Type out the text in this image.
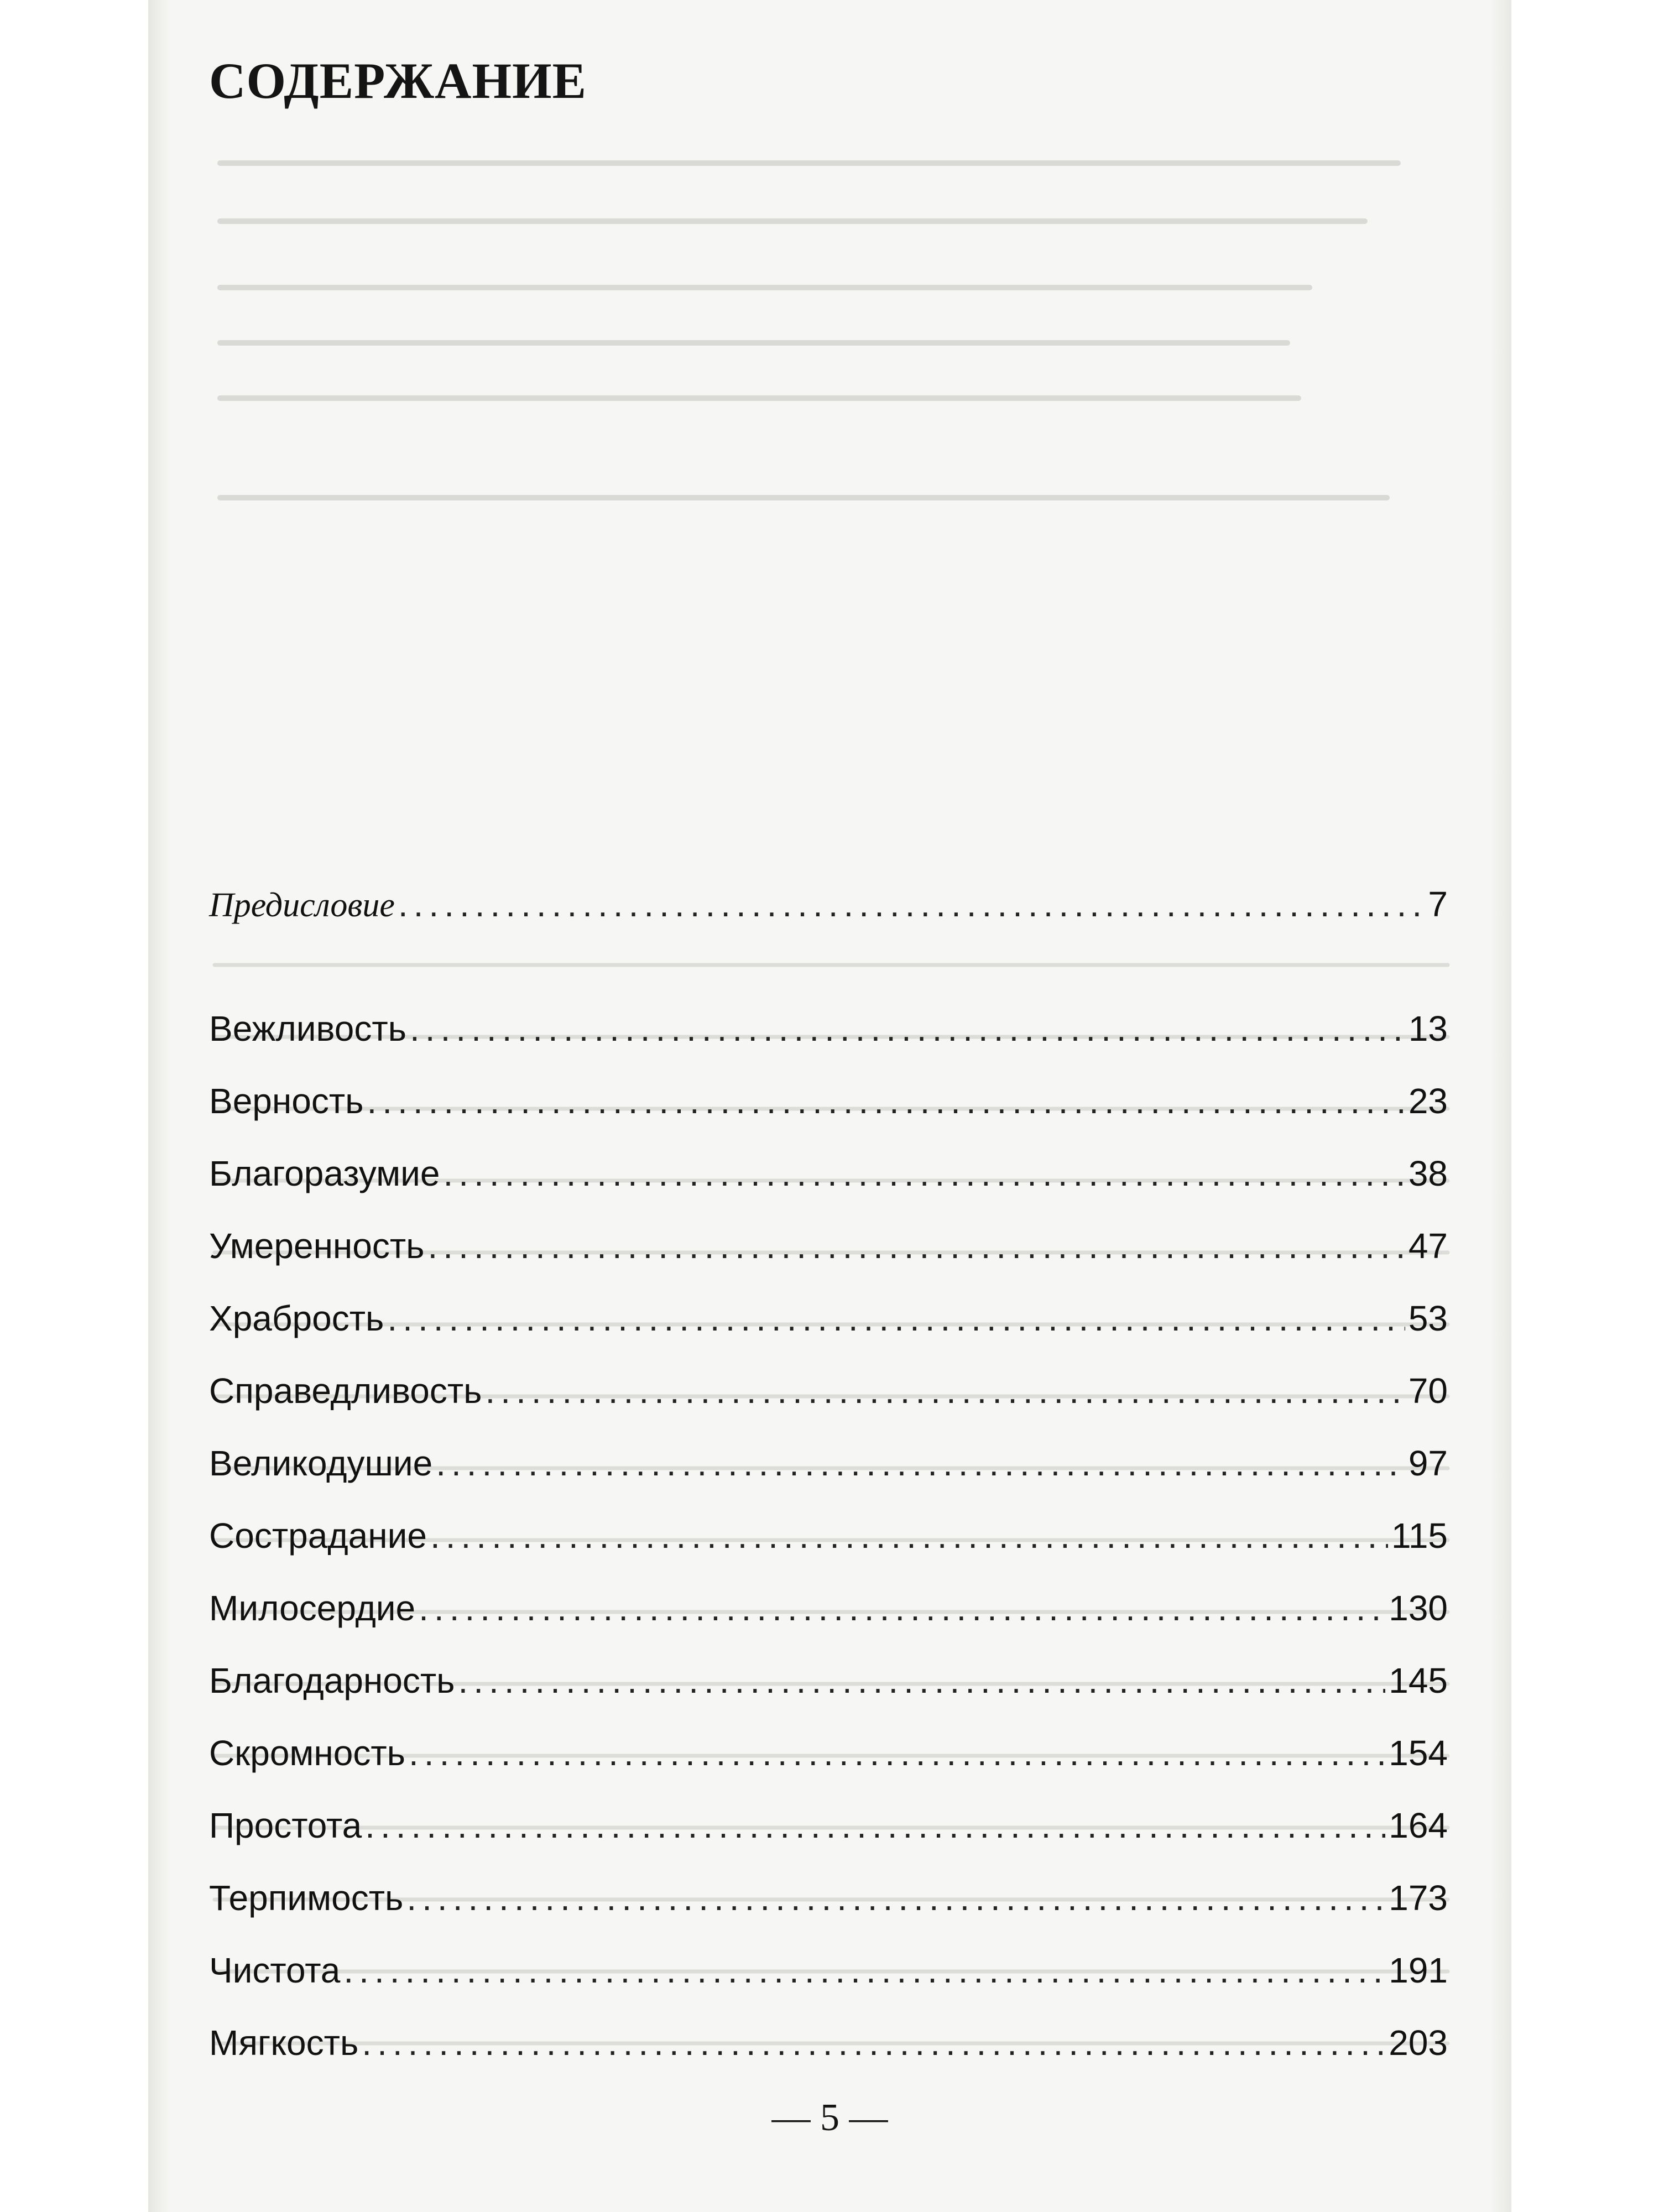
СОДЕРЖАНИЕ
Предисловие .....	7
Вежливость .....	13
Верность .....	23
Благоразумие .....	38
Умеренность .....	47
Храбрость .....	53
Справедливость .....	70
Великодушие .....	97
Сострадание .....	115
Милосердие .....	130
Благодарность .....	145
Скромность .....	154
Простота .....	164
Терпимость .....	173
Чистота .....	191
Мягкость .....	203

— 5 —
